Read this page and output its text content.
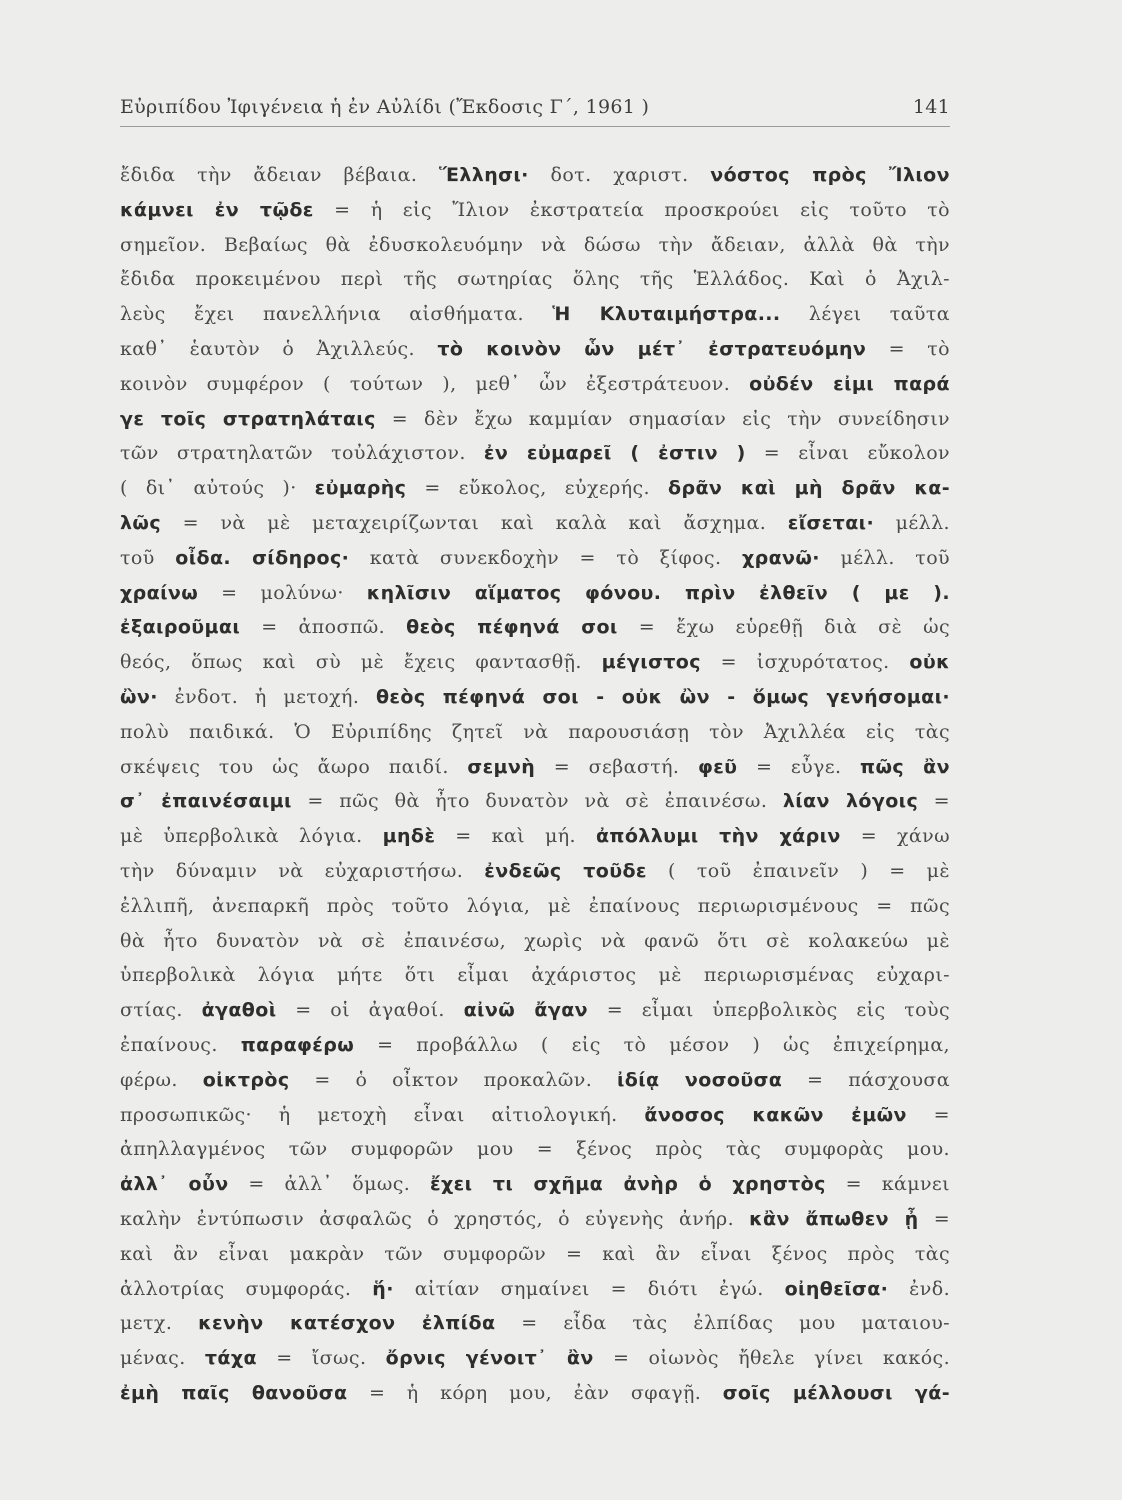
Εὐριπίδου Ἰφιγένεια ἡ ἐν Αὐλίδι (Ἔκδοσις Γ΄, 1961 )	141
ἔδιδα τὴν ἄδειαν βέβαια. Ἕλλησι· δοτ. χαριστ. νόστος πρὸς Ἴλιον
κάμνει ἐν τῷδε = ἡ εἰς Ἴλιον ἐκστρατεία προσκρούει εἰς τοῦτο τὸ
σημεῖον. Βεβαίως θὰ ἐδυσκολευόμην νὰ δώσω τὴν ἄδειαν, ἀλλὰ θὰ τὴν
ἔδιδα προκειμένου περὶ τῆς σωτηρίας ὅλης τῆς Ἑλλάδος. Καὶ ὁ Ἀχιλ-
λεὺς ἔχει πανελλήνια αἰσθήματα. Ἡ Κλυταιμήστρα... λέγει ταῦτα
καθ᾽ ἑαυτὸν ὁ Ἀχιλλεύς. τὸ κοινὸν ὧν μέτ᾽ ἐστρατευόμην = τὸ
κοινὸν συμφέρον ( τούτων ), μεθ᾽ ὧν ἐξεστράτευον. οὐδέν εἰμι παρά
γε τοῖς στρατηλάταις = δὲν ἔχω καμμίαν σημασίαν εἰς τὴν συνείδησιν
τῶν στρατηλατῶν τοὐλάχιστον. ἐν εὐμαρεῖ ( ἐστιν ) = εἶναι εὔκολον
( δι᾽ αὐτούς )· εὐμαρὴς = εὔκολος, εὐχερής. δρᾶν καὶ μὴ δρᾶν κα-
λῶς = νὰ μὲ μεταχειρίζωνται καὶ καλὰ καὶ ἄσχημα. εἴσεται· μέλλ.
τοῦ οἶδα. σίδηρος· κατὰ συνεκδοχὴν = τὸ ξίφος. χρανῶ· μέλλ. τοῦ
χραίνω = μολύνω· κηλῖσιν αἵματος φόνου. πρὶν ἐλθεῖν ( με ).
ἐξαιροῦμαι = ἀποσπῶ. θεὸς πέφηνά σοι = ἔχω εὑρεθῇ διὰ σὲ ὡς
θεός, ὅπως καὶ σὺ μὲ ἔχεις φαντασθῇ. μέγιστος = ἰσχυρότατος. οὐκ
ὢν· ἐνδοτ. ἡ μετοχή. θεὸς πέφηνά σοι - οὐκ ὢν - ὅμως γενήσομαι·
πολὺ παιδικά. Ὁ Εὐριπίδης ζητεῖ νὰ παρουσιάσῃ τὸν Ἀχιλλέα εἰς τὰς
σκέψεις του ὡς ἄωρο παιδί. σεμνὴ = σεβαστή. φεῦ = εὖγε. πῶς ἂν
σ᾽ ἐπαινέσαιμι = πῶς θὰ ἦτο δυνατὸν νὰ σὲ ἐπαινέσω. λίαν λόγοις =
μὲ ὑπερβολικὰ λόγια. μηδὲ = καὶ μή. ἀπόλλυμι τὴν χάριν = χάνω
τὴν δύναμιν νὰ εὐχαριστήσω. ἐνδεῶς τοῦδε ( τοῦ ἐπαινεῖν ) = μὲ
ἐλλιπῆ, ἀνεπαρκῆ πρὸς τοῦτο λόγια, μὲ ἐπαίνους περιωρισμένους = πῶς
θὰ ἦτο δυνατὸν νὰ σὲ ἐπαινέσω, χωρὶς νὰ φανῶ ὅτι σὲ κολακεύω μὲ
ὑπερβολικὰ λόγια μήτε ὅτι εἶμαι ἀχάριστος μὲ περιωρισμένας εὐχαρι-
στίας. ἀγαθοὶ = οἱ ἀγαθοί. αἰνῶ ἄγαν = εἶμαι ὑπερβολικὸς εἰς τοὺς
ἐπαίνους. παραφέρω = προβάλλω ( εἰς τὸ μέσον ) ὡς ἐπιχείρημα,
φέρω. οἰκτρὸς = ὁ οἶκτον προκαλῶν. ἰδίᾳ νοσοῦσα = πάσχουσα
προσωπικῶς· ἡ μετοχὴ εἶναι αἰτιολογική. ἄνοσος κακῶν ἐμῶν =
ἀπηλλαγμένος τῶν συμφορῶν μου = ξένος πρὸς τὰς συμφορὰς μου.
ἀλλ᾽ οὖν = ἀλλ᾽ ὅμως. ἔχει τι σχῆμα ἀνὴρ ὁ χρηστὸς = κάμνει
καλὴν ἐντύπωσιν ἀσφαλῶς ὁ χρηστός, ὁ εὐγενὴς ἀνήρ. κἂν ἄπωθεν ᾖ =
καὶ ἂν εἶναι μακρὰν τῶν συμφορῶν = καὶ ἂν εἶναι ξένος πρὸς τὰς
ἀλλοτρίας συμφοράς. ἥ· αἰτίαν σημαίνει = διότι ἐγώ. οἰηθεῖσα· ἐνδ.
μετχ. κενὴν κατέσχον ἐλπίδα = εἶδα τὰς ἐλπίδας μου ματαιου-
μένας. τάχα = ἴσως. ὄρνις γένοιτ᾽ ἂν = οἰωνὸς ἤθελε γίνει κακός.
ἐμὴ παῖς θανοῦσα = ἡ κόρη μου, ἐὰν σφαγῇ. σοῖς μέλλουσι γά-
